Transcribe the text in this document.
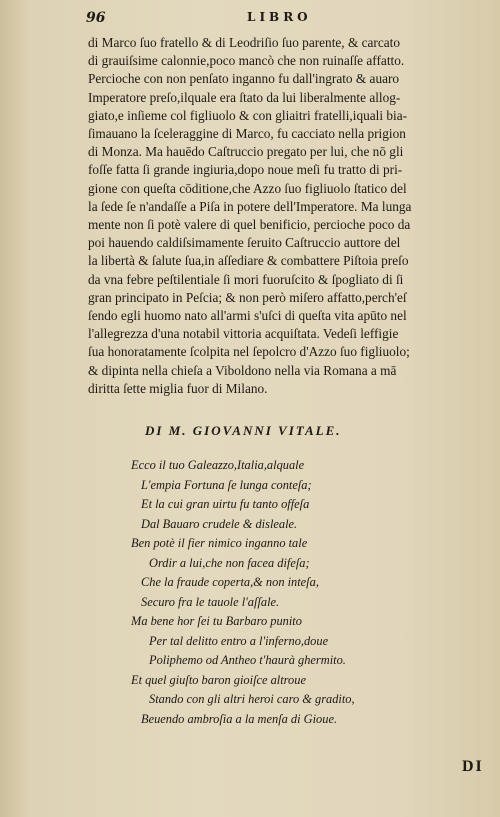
96	LIBRO
di Marco ſuo fratello & di Leodriſio ſuo parente, & carcato
di grauiſsime calonnie,poco mancò che non ruinaſſe affatto.
Percioche con non penſato inganno fu dall'ingrato & auaro
Imperatore preſo,ilquale era ſtato da lui liberalmente allog-
giato,e inſieme col figliuolo & con gliaitri fratelli,iquali bia-
ſimauano la ſceleraggine di Marco, fu cacciato nella prigion
di Monza. Ma hauēdo Caſtruccio pregato per lui, che nō gli
foſſe fatta ſi grande ingiuria,dopo noue meſi fu tratto di pri-
gione con queſta cōditione,che Azzo ſuo figliuolo ſtatico del
la ſede ſe n'andaſſe a Piſa in potere dell'Imperatore. Ma lunga
mente non ſi potè valere di quel benificio, percioche poco da
poi hauendo caldiſsimamente ſeruito Caſtruccio auttore del
la libertà & ſalute ſua,in aſſediare & combattere Piſtoia preſo
da vna febre peſtilentiale ſi mori fuoruſcito & ſpogliato di ſi
gran principato in Peſcia; & non però miſero affatto,perch'eſ
ſendo egli huomo nato all'armi s'uſci di queſta vita apūto nel
l'allegrezza d'una notabil vittoria acquiſtata. Vedeſi leffigie
ſua honoratamente ſcolpita nel ſepolcro d'Azzo ſuo figliuolo;
& dipinta nella chieſa a Viboldono nella via Romana a mā
diritta ſette miglia fuor di Milano.
DI M. GIOVANNI VITALE.
Ecco il tuo Galeazzo,Italia,alquale
L'empia Fortuna ſe lunga conteſa;
Et la cui gran uirtu fu tanto offeſa
Dal Bauaro crudele & disleale.
Ben potè il fier nimico inganno tale
Ordir a lui,che non facea difeſa;
Che la fraude coperta,& non inteſa,
Securo fra le tauole l'aſſale.
Ma bene hor ſei tu Barbaro punito
Per tal delitto entro a l'inferno,doue
Poliphemo od Antheo t'haurà ghermito.
Et quel giuſto baron gioiſce altroue
Stando con gli altri heroi caro & gradito,
Beuendo ambroſia a la menſa di Gioue.
DI
